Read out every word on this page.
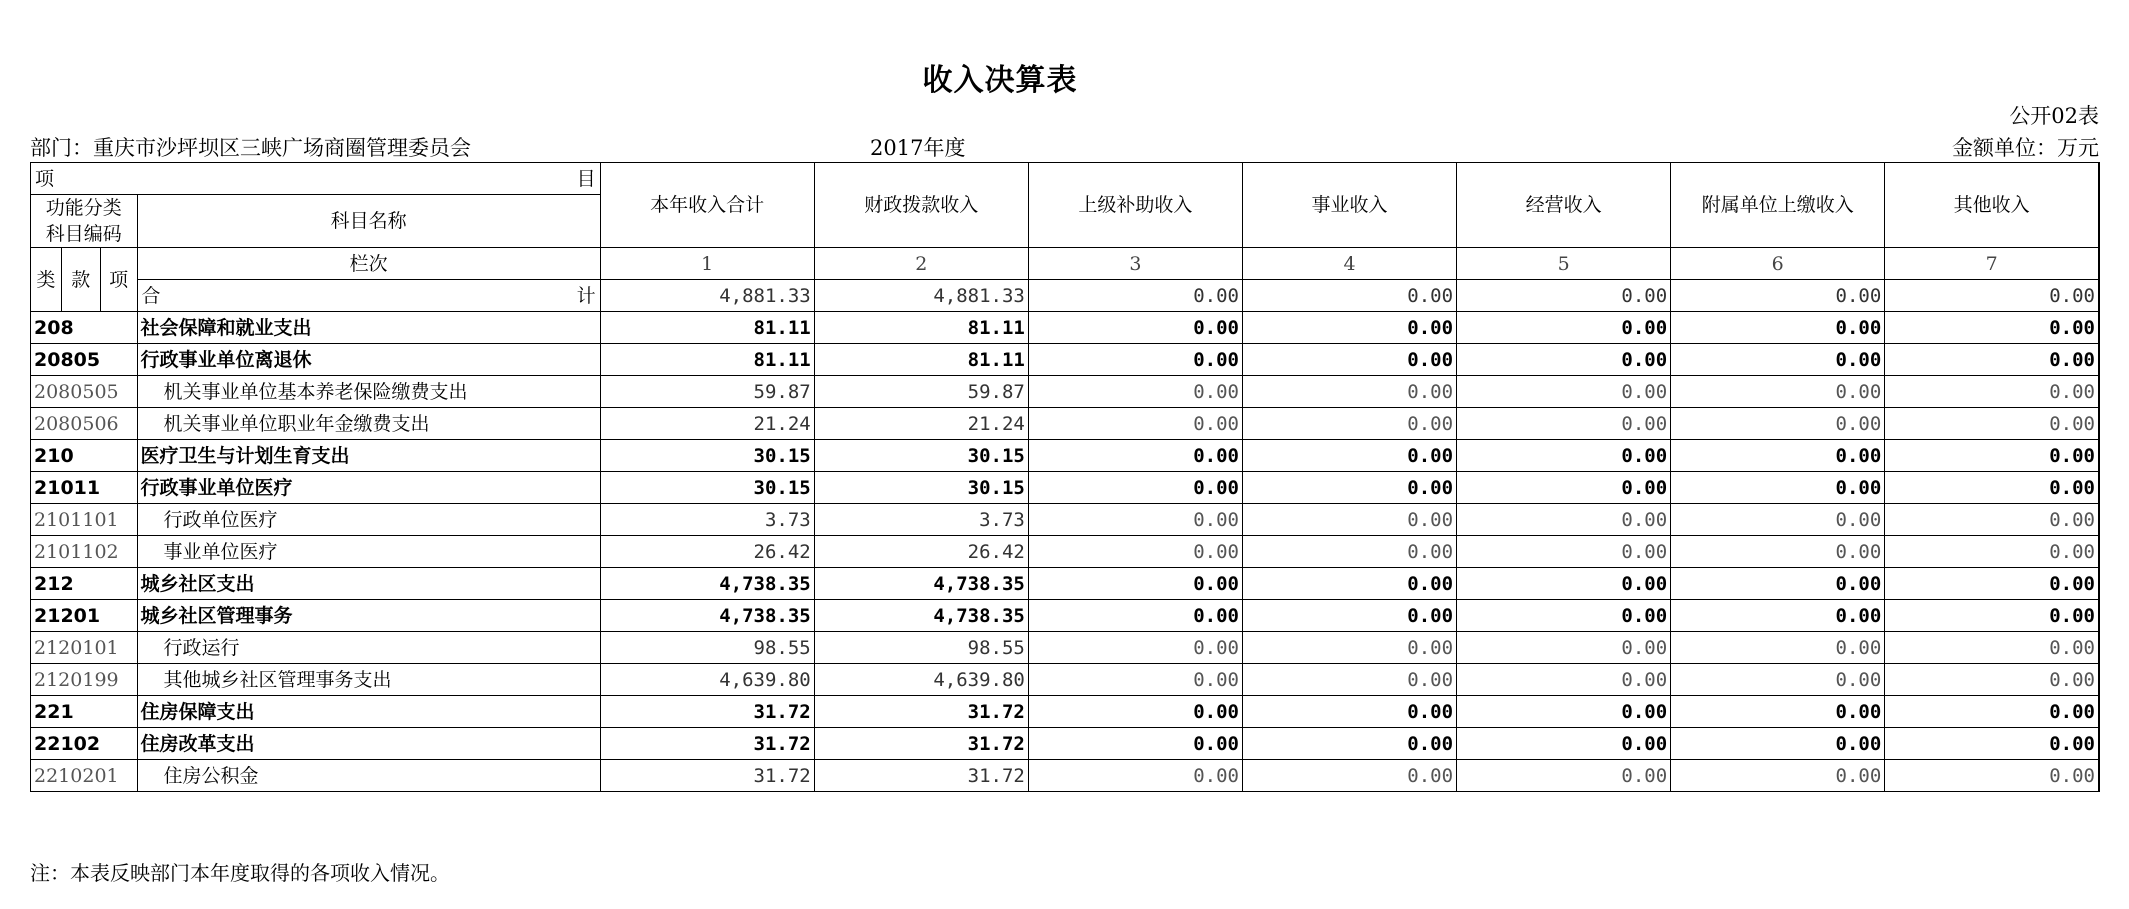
收入决算表
公开02表
部门：重庆市沙坪坝区三峡广场商圈管理委员会	2017年度	金额单位：万元
项 目				本年收入合计	财政拨款收入	上级补助收入	事业收入	经营收入	附属单位上缴收入	其他收入

功能分类
科目编码			科目名称							
类	款	项	栏次	1	2	3	4	5	6	7

			合 计	4,881.33	4,881.33	0.00	0.00	0.00	0.00	0.00
208			社会保障和就业支出	81.11	81.11	0.00	0.00	0.00	0.00	0.00
20805			行政事业单位离退休	81.11	81.11	0.00	0.00	0.00	0.00	0.00
2080505			机关事业单位基本养老保险缴费支出	59.87	59.87	0.00	0.00	0.00	0.00	0.00
2080506			机关事业单位职业年金缴费支出	21.24	21.24	0.00	0.00	0.00	0.00	0.00
210			医疗卫生与计划生育支出	30.15	30.15	0.00	0.00	0.00	0.00	0.00
21011			行政事业单位医疗	30.15	30.15	0.00	0.00	0.00	0.00	0.00
2101101			行政单位医疗	3.73	3.73	0.00	0.00	0.00	0.00	0.00
2101102			事业单位医疗	26.42	26.42	0.00	0.00	0.00	0.00	0.00
212			城乡社区支出	4,738.35	4,738.35	0.00	0.00	0.00	0.00	0.00
21201			城乡社区管理事务	4,738.35	4,738.35	0.00	0.00	0.00	0.00	0.00
2120101			行政运行	98.55	98.55	0.00	0.00	0.00	0.00	0.00
2120199			其他城乡社区管理事务支出	4,639.80	4,639.80	0.00	0.00	0.00	0.00	0.00
221			住房保障支出	31.72	31.72	0.00	0.00	0.00	0.00	0.00
22102			住房改革支出	31.72	31.72	0.00	0.00	0.00	0.00	0.00
2210201			住房公积金	31.72	31.72	0.00	0.00	0.00	0.00	0.00
注：本表反映部门本年度取得的各项收入情况。
